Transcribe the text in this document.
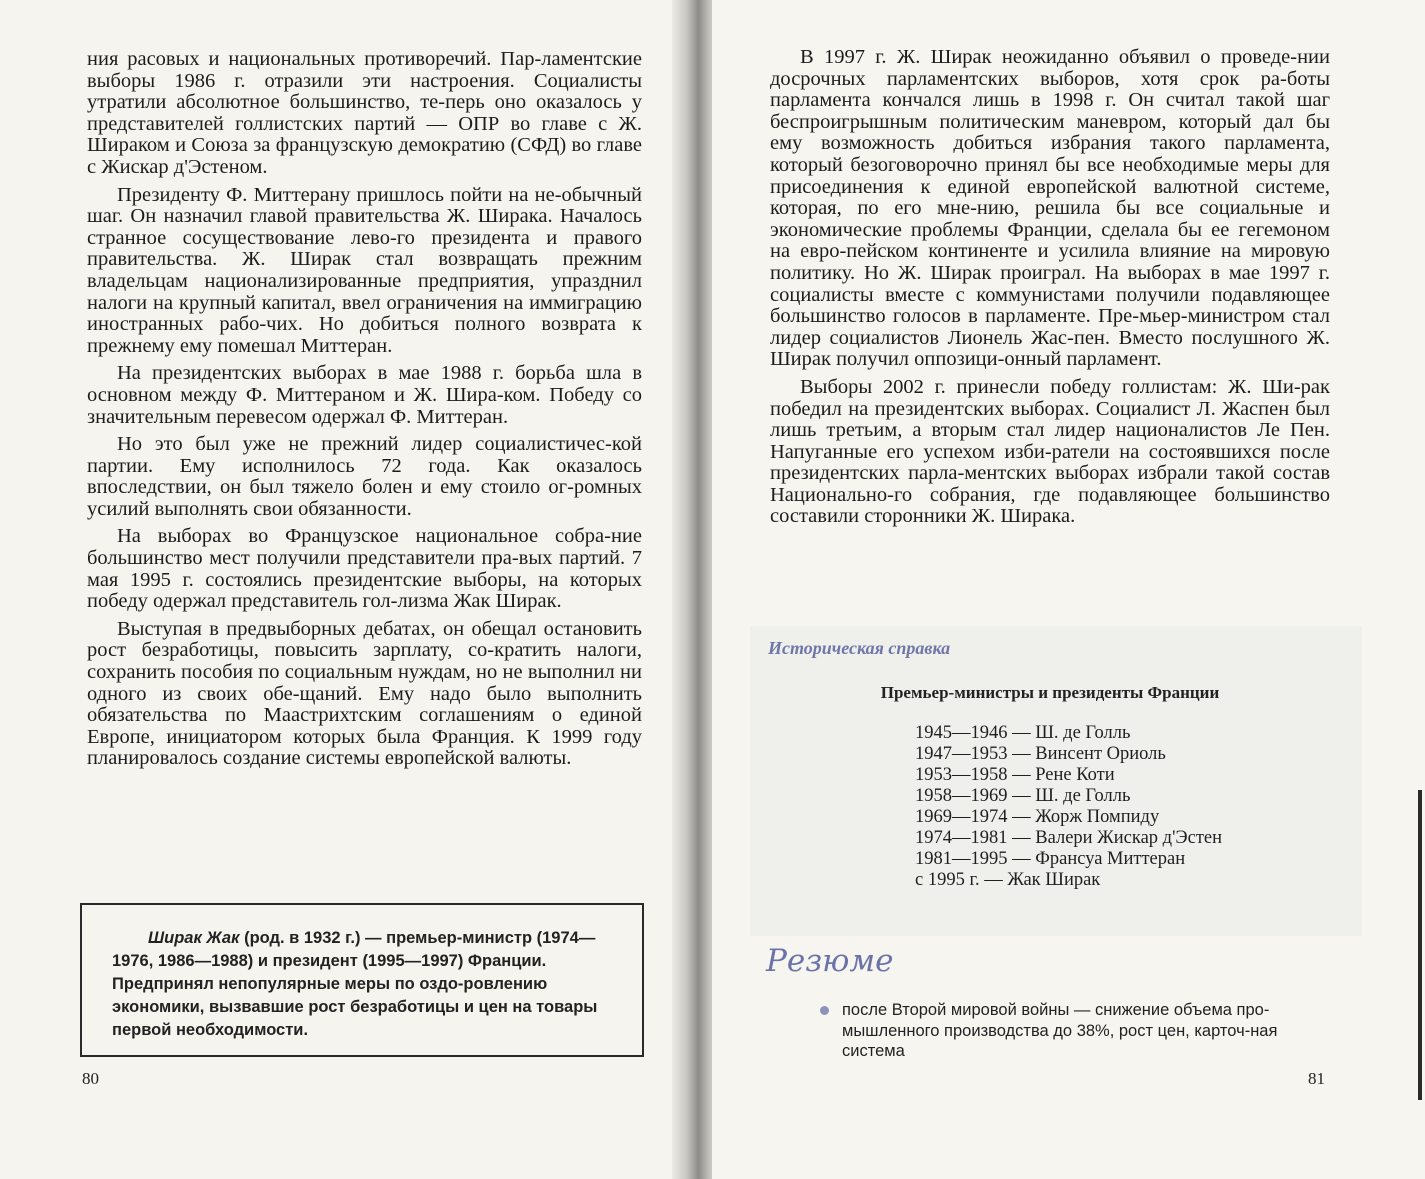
ния расовых и национальных противоречий. Пар-ламентские выборы 1986 г. отразили эти настроения. Социалисты утратили абсолютное большинство, те-перь оно оказалось у представителей голлистских партий — ОПР во главе с Ж. Шираком и Союза за французскую демократию (СФД) во главе с Жискар д'Эстеном.

Президенту Ф. Миттерану пришлось пойти на не-обычный шаг. Он назначил главой правительства Ж. Ширака. Началось странное сосуществование лево-го президента и правого правительства. Ж. Ширак стал возвращать прежним владельцам национализированные предприятия, упразднил налоги на крупный капитал, ввел ограничения на иммиграцию иностранных рабо-чих. Но добиться полного возврата к прежнему ему помешал Миттеран.

На президентских выборах в мае 1988 г. борьба шла в основном между Ф. Миттераном и Ж. Шира-ком. Победу со значительным перевесом одержал Ф. Миттеран.

Но это был уже не прежний лидер социалистичес-кой партии. Ему исполнилось 72 года. Как оказалось впоследствии, он был тяжело болен и ему стоило ог-ромных усилий выполнять свои обязанности.

На выборах во Французское национальное собра-ние большинство мест получили представители пра-вых партий. 7 мая 1995 г. состоялись президентские выборы, на которых победу одержал представитель гол-лизма Жак Ширак.

Выступая в предвыборных дебатах, он обещал остановить рост безработицы, повысить зарплату, со-кратить налоги, сохранить пособия по социальным нуждам, но не выполнил ни одного из своих обе-щаний. Ему надо было выполнить обязательства по Маастрихтским соглашениям о единой Европе, инициатором которых была Франция. К 1999 году планировалось создание системы европейской валюты.

Ширак Жак (род. в 1932 г.) — премьер-министр (1974—1976, 1986—1988) и президент (1995—1997) Франции. Предпринял непопулярные меры по оздо-ровлению экономики, вызвавшие рост безработицы и цен на товары первой необходимости.
80

В 1997 г. Ж. Ширак неожиданно объявил о проведе-нии досрочных парламентских выборов, хотя срок ра-боты парламента кончался лишь в 1998 г. Он считал такой шаг беспроигрышным политическим маневром, который дал бы ему возможность добиться избрания такого парламента, который безоговорочно принял бы все необходимые меры для присоединения к единой европейской валютной системе, которая, по его мне-нию, решила бы все социальные и экономические проблемы Франции, сделала бы ее гегемоном на евро-пейском континенте и усилила влияние на мировую политику. Но Ж. Ширак проиграл. На выборах в мае 1997 г. социалисты вместе с коммунистами получили подавляющее большинство голосов в парламенте. Пре-мьер-министром стал лидер социалистов Лионель Жас-пен. Вместо послушного Ж. Ширак получил оппозици-онный парламент.

Выборы 2002 г. принесли победу голлистам: Ж. Ши-рак победил на президентских выборах. Социалист Л. Жаспен был лишь третьим, а вторым стал лидер националистов Ле Пен. Напуганные его успехом изби-ратели на состоявшихся после президентских парла-ментских выборах избрали такой состав Национально-го собрания, где подавляющее большинство составили сторонники Ж. Ширака.

Историческая справка
Премьер-министры и президенты Франции
1945—1946 — Ш. де Голль
1947—1953 — Винсент Ориоль
1953—1958 — Рене Коти
1958—1969 — Ш. де Голль
1969—1974 — Жорж Помпиду
1974—1981 — Валери Жискар д'Эстен
1981—1995 — Франсуа Миттеран
с 1995 г. — Жак Ширак
Резюме
после Второй мировой войны — снижение объема про-мышленного производства до 38%, рост цен, карточ-ная система
81
